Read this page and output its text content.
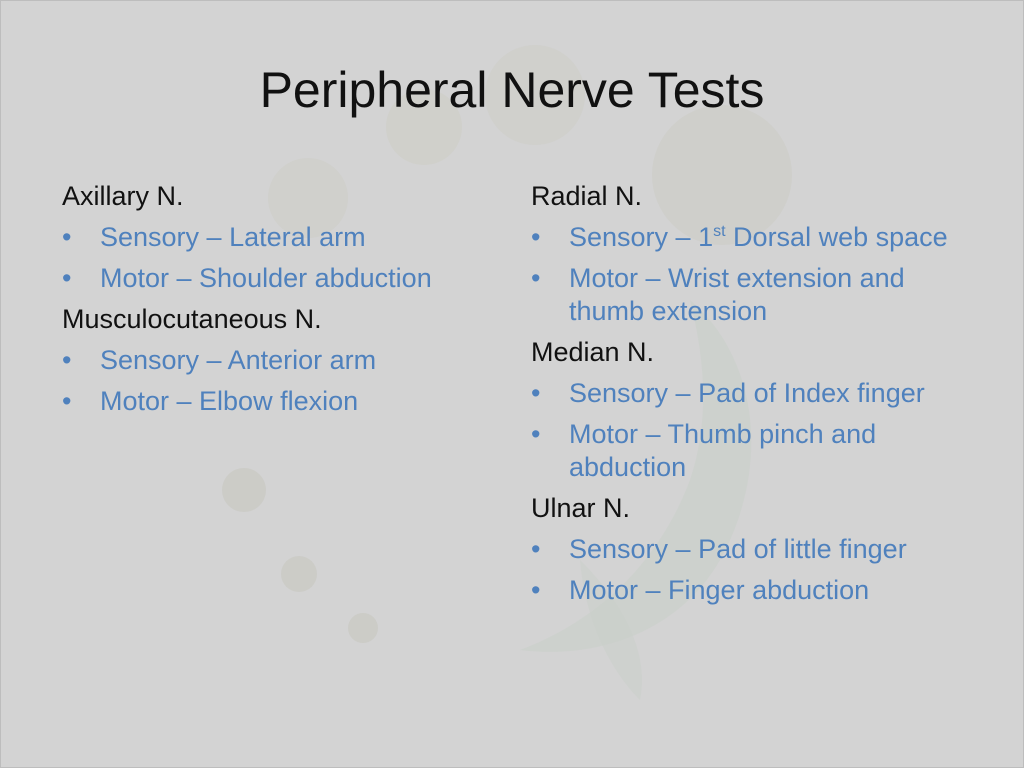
Peripheral Nerve Tests
Axillary N.
• Sensory – Lateral arm
• Motor – Shoulder abduction
Musculocutaneous N.
• Sensory – Anterior arm
• Motor – Elbow flexion
Radial N.
• Sensory – 1st Dorsal web space
• Motor – Wrist extension and thumb extension
Median N.
• Sensory – Pad of Index finger
• Motor – Thumb pinch and abduction
Ulnar N.
• Sensory – Pad of little finger
• Motor – Finger abduction
